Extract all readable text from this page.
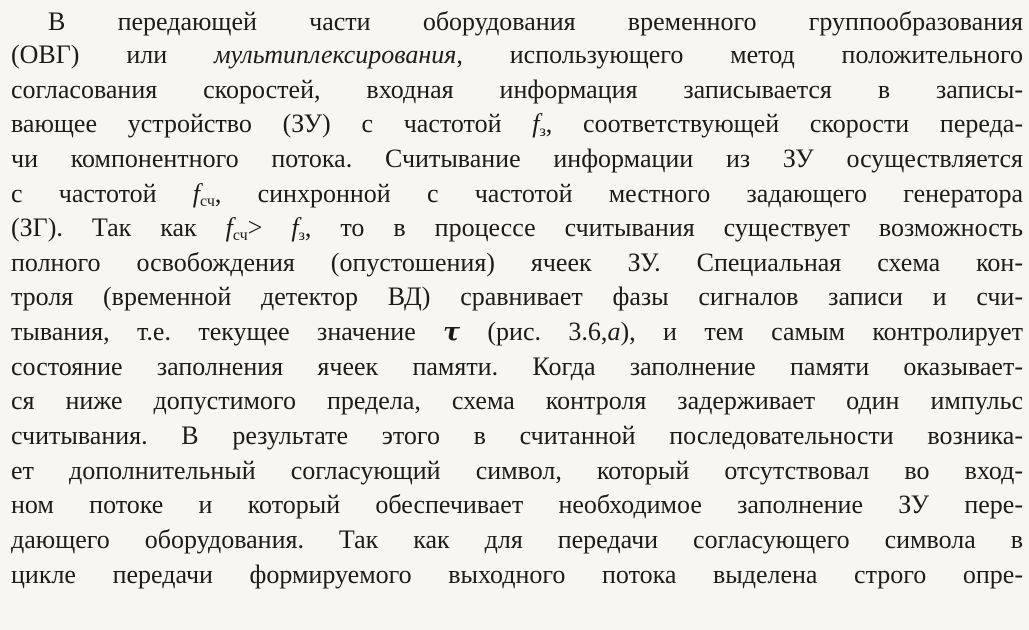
В передающей части оборудования временного группообразования
(ОВГ) или мультиплексирования, использующего метод положительного
согласования скоростей, входная информация записывается в записы-
вающее устройство (ЗУ) с частотой $f_з$, соответствующей скорости переда-
чи компонентного потока. Считывание информации из ЗУ осуществляется
с частотой $f_{сч}$, синхронной с частотой местного задающего генератора
(ЗГ). Так как $f_{сч}> f_з$, то в процессе считывания существует возможность
полного освобождения (опустошения) ячеек ЗУ. Специальная схема кон-
троля (временной детектор ВД) сравнивает фазы сигналов записи и счи-
тывания, т.е. текущее значение τ (рис. 3.6,а), и тем самым контролирует
состояние заполнения ячеек памяти. Когда заполнение памяти оказывает-
ся ниже допустимого предела, схема контроля задерживает один импульс
считывания. В результате этого в считанной последовательности возника-
ет дополнительный согласующий символ, который отсутствовал во вход-
ном потоке и который обеспечивает необходимое заполнение ЗУ пере-
дающего оборудования. Так как для передачи согласующего символа в
цикле передачи формируемого выходного потока выделена строго опре-
